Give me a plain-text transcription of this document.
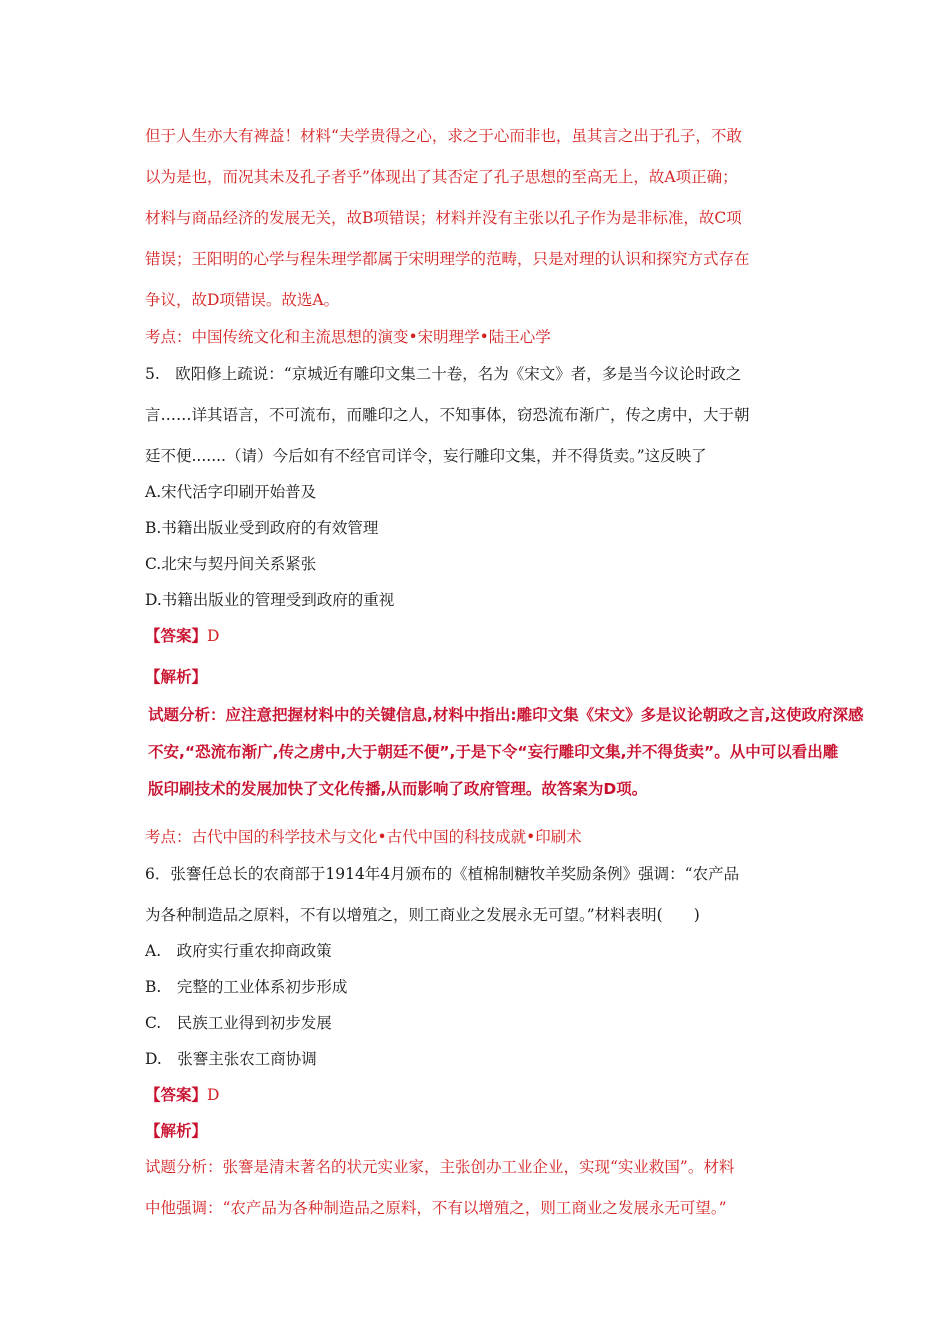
但于人生亦大有裨益！材料“夫学贵得之心，求之于心而非也，虽其言之出于孔子，不敢
以为是也，而况其未及孔子者乎”体现出了其否定了孔子思想的至高无上，故A项正确；
材料与商品经济的发展无关，故B项错误；材料并没有主张以孔子作为是非标准，故C项
错误；王阳明的心学与程朱理学都属于宋明理学的范畴，只是对理的认识和探究方式存在
争议，故D项错误。故选A。
考点：中国传统文化和主流思想的演变•宋明理学•陆王心学
5.　欧阳修上疏说：“京城近有雕印文集二十卷，名为《宋文》者，多是当今议论时政之
言……详其语言，不可流布，而雕印之人，不知事体，窃恐流布渐广，传之虏中，大于朝
廷不便.......（请）今后如有不经官司详令，妄行雕印文集，并不得货卖。”这反映了
A.宋代活字印刷开始普及
B.书籍出版业受到政府的有效管理
C.北宋与契丹间关系紧张
D.书籍出版业的管理受到政府的重视
【答案】D
【解析】
试题分析：应注意把握材料中的关键信息,材料中指出:雕印文集《宋文》多是议论朝政之言,这使政府深感
不安,“恐流布渐广,传之虏中,大于朝廷不便”,于是下令“妄行雕印文集,并不得货卖”。从中可以看出雕
版印刷技术的发展加快了文化传播,从而影响了政府管理。故答案为D项。
考点：古代中国的科学技术与文化•古代中国的科技成就•印刷术
6．张謇任总长的农商部于1914年4月颁布的《植棉制糖牧羊奖励条例》强调：“农产品
为各种制造品之原料，不有以增殖之，则工商业之发展永无可望。”材料表明(　　)
A.　政府实行重农抑商政策
B.　完整的工业体系初步形成
C.　民族工业得到初步发展
D.　张謇主张农工商协调
【答案】D
【解析】
试题分析：张謇是清末著名的状元实业家，主张创办工业企业，实现“实业救国”。材料
中他强调：“农产品为各种制造品之原料，不有以增殖之，则工商业之发展永无可望。”
